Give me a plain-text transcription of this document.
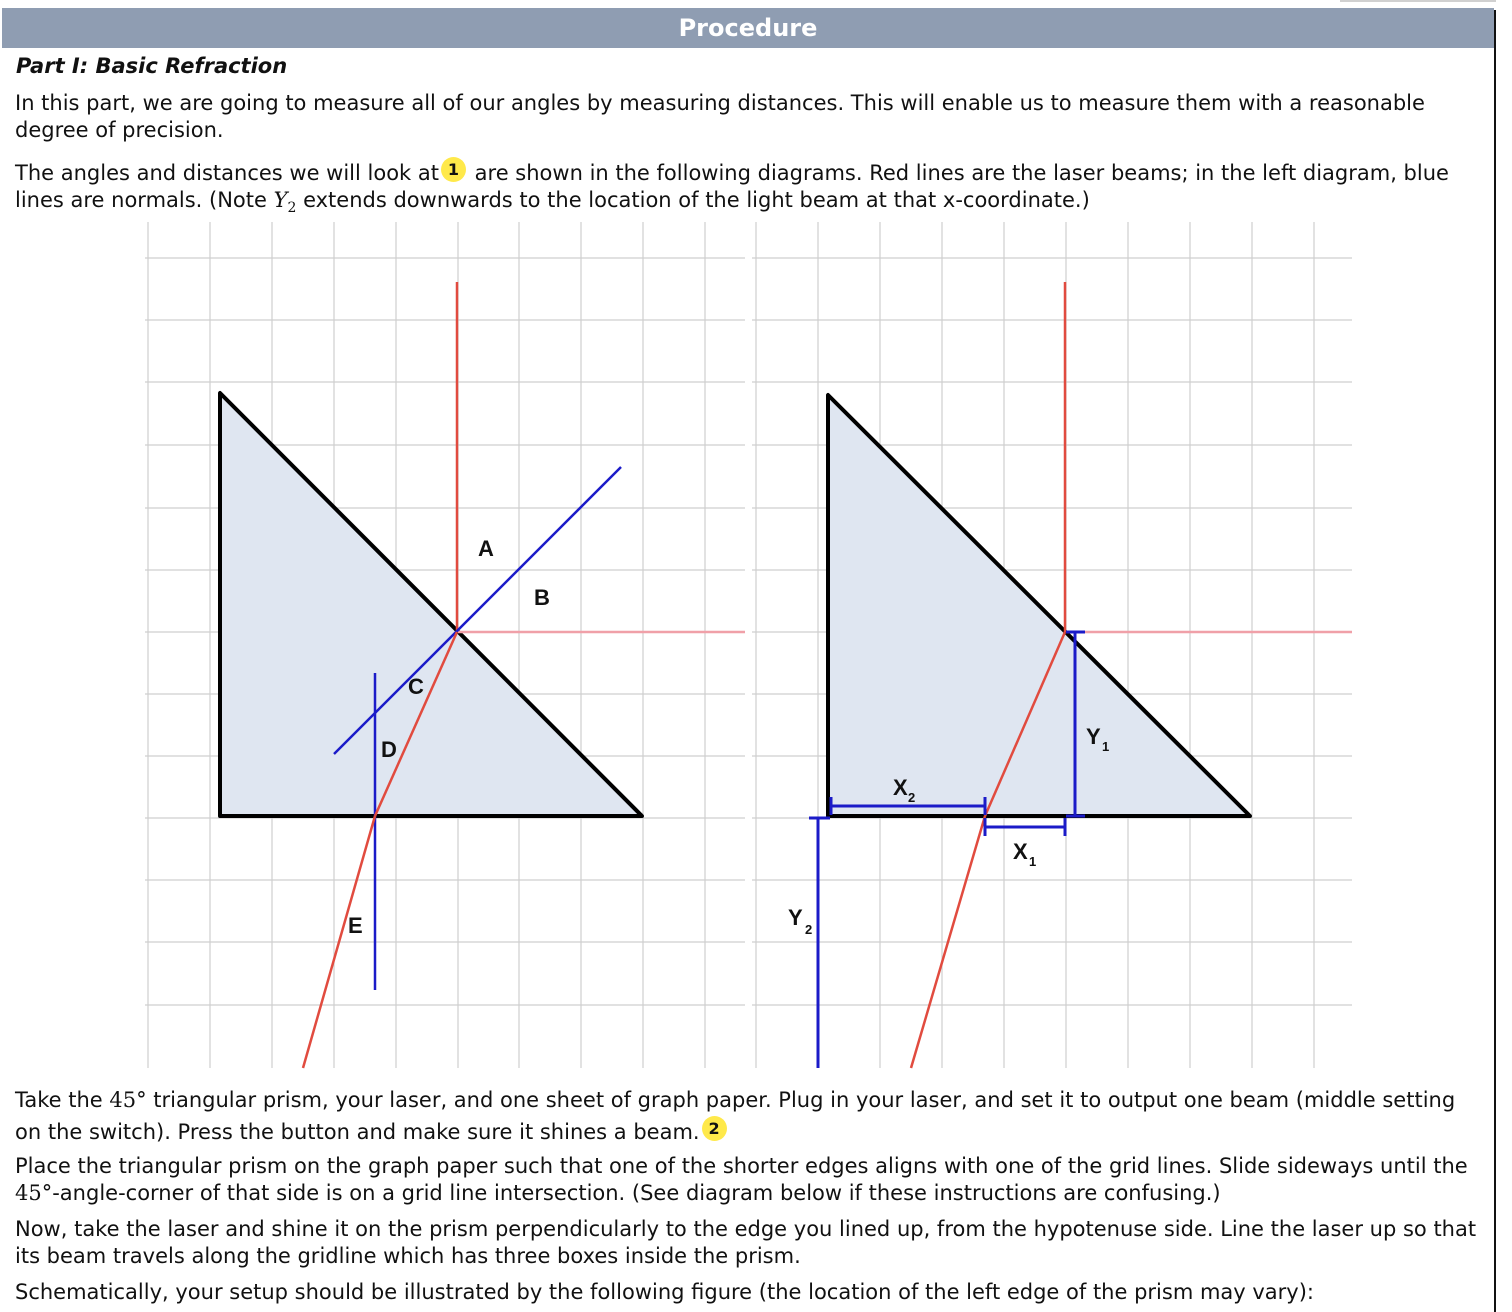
Procedure
Part I: Basic Refraction
In this part, we are going to measure all of our angles by measuring distances. This will enable us to measure them with a reasonable degree of precision.
The angles and distances we will look at 1 are shown in the following diagrams. Red lines are the laser beams; in the left diagram, blue lines are normals. (Note $Y_2$ extends downwards to the location of the light beam at that x-coordinate.)
A
B
C
D
E
X 2
X 1
Y 1
Y 2
Take the 45° triangular prism, your laser, and one sheet of graph paper. Plug in your laser, and set it to output one beam (middle setting on the switch). Press the button and make sure it shines a beam. 2
Place the triangular prism on the graph paper such that one of the shorter edges aligns with one of the grid lines. Slide sideways until the 45°-angle-corner of that side is on a grid line intersection. (See diagram below if these instructions are confusing.)
Now, take the laser and shine it on the prism perpendicularly to the edge you lined up, from the hypotenuse side. Line the laser up so that its beam travels along the gridline which has three boxes inside the prism.
Schematically, your setup should be illustrated by the following figure (the location of the left edge of the prism may vary):
